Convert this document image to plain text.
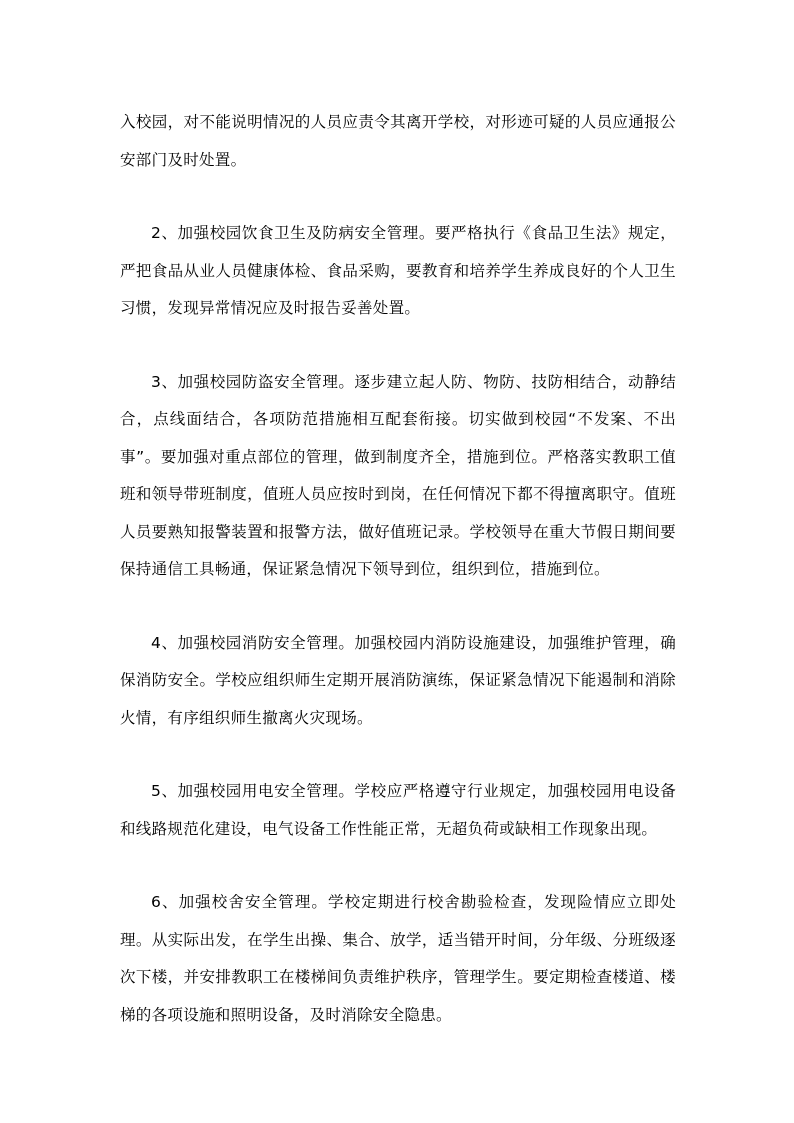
入校园，对不能说明情况的人员应责令其离开学校，对形迹可疑的人员应通报公安部门及时处置。

2、加强校园饮食卫生及防病安全管理。要严格执行《食品卫生法》规定，严把食品从业人员健康体检、食品采购，要教育和培养学生养成良好的个人卫生习惯，发现异常情况应及时报告妥善处置。

3、加强校园防盗安全管理。逐步建立起人防、物防、技防相结合，动静结合，点线面结合，各项防范措施相互配套衔接。切实做到校园“不发案、不出事”。要加强对重点部位的管理，做到制度齐全，措施到位。严格落实教职工值班和领导带班制度，值班人员应按时到岗，在任何情况下都不得擅离职守。值班人员要熟知报警装置和报警方法，做好值班记录。学校领导在重大节假日期间要保持通信工具畅通，保证紧急情况下领导到位，组织到位，措施到位。

4、加强校园消防安全管理。加强校园内消防设施建设，加强维护管理，确保消防安全。学校应组织师生定期开展消防演练，保证紧急情况下能遏制和消除火情，有序组织师生撤离火灾现场。

5、加强校园用电安全管理。学校应严格遵守行业规定，加强校园用电设备和线路规范化建设，电气设备工作性能正常，无超负荷或缺相工作现象出现。

6、加强校舍安全管理。学校定期进行校舍勘验检查，发现险情应立即处理。从实际出发，在学生出操、集合、放学，适当错开时间，分年级、分班级逐次下楼，并安排教职工在楼梯间负责维护秩序，管理学生。要定期检查楼道、楼梯的各项设施和照明设备，及时消除安全隐患。
